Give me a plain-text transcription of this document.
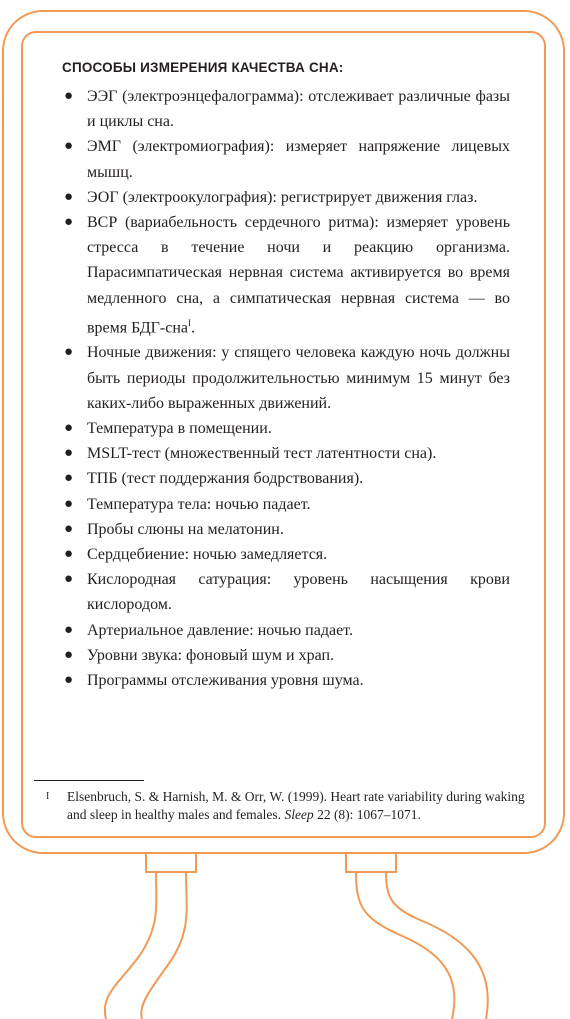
СПОСОБЫ ИЗМЕРЕНИЯ КАЧЕСТВА СНА:
● ЭЭГ (электроэнцефалограмма): отслеживает различные фазы и циклы сна.
● ЭМГ (электромиография): измеряет напряжение лицевых мышц.
● ЭОГ (электроокулография): регистрирует движения глаз.
● ВСР (вариабельность сердечного ритма): измеряет уровень стресса в течение ночи и реакцию организма. Парасимпатическая нервная система активируется во время медленного сна, а симпатическая нервная система — во время БДГ-сна$^I$.
● Ночные движения: у спящего человека каждую ночь должны быть периоды продолжительностью минимум 15 минут без каких-либо выраженных движений.
● Температура в помещении.
● MSLT-тест (множественный тест латентности сна).
● ТПБ (тест поддержания бодрствования).
● Температура тела: ночью падает.
● Пробы слюны на мелатонин.
● Сердцебиение: ночью замедляется.
● Кислородная сатурация: уровень насыщения крови кислородом.
● Артериальное давление: ночью падает.
● Уровни звука: фоновый шум и храп.
● Программы отслеживания уровня шума.
I Elsenbruch, S. & Harnish, M. & Orr, W. (1999). Heart rate variability during waking and sleep in healthy males and females. Sleep 22 (8): 1067–1071.
